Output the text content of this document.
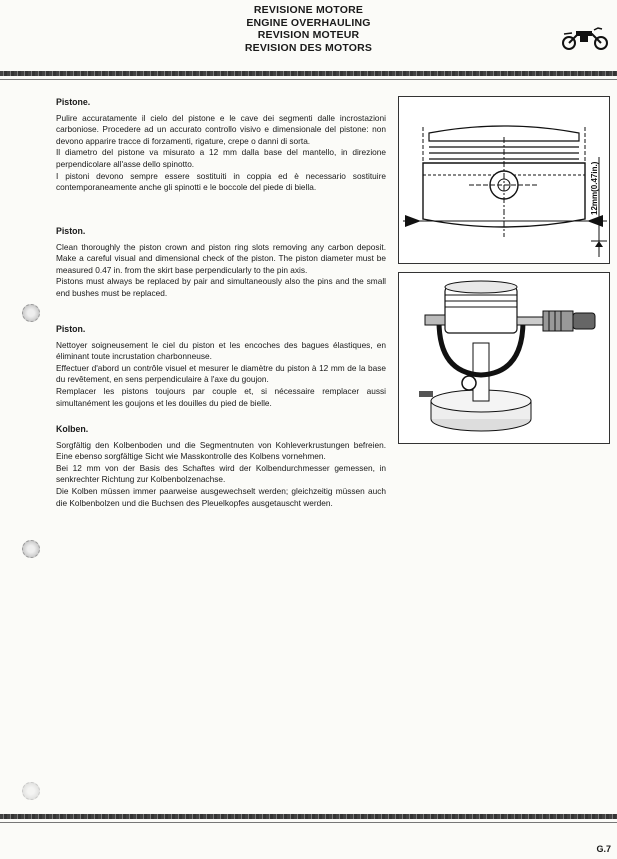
REVISIONE MOTORE
ENGINE OVERHAULING
REVISION MOTEUR
REVISION DES MOTORS
Pistone.

Pulire accuratamente il cielo del pistone e le cave dei segmenti dalle incrostazioni carboniose. Procedere ad un accurato controllo visivo e dimensionale del pistone: non devono apparire tracce di forzamenti, rigature, crepe o danni di sorta.
Il diametro del pistone va misurato a 12 mm dalla base del mantello, in direzione perpendicolare all'asse dello spinotto.
I pistoni devono sempre essere sostituiti in coppia ed è necessario sostituire contemporaneamente anche gli spinotti e le boccole del piede di biella.

Piston.

Clean thoroughly the piston crown and piston ring slots removing any carbon deposit. Make a careful visual and dimensional check of the piston. The piston diameter must be measured 0.47 in. from the skirt base perpendicularly to the pin axis.
Pistons must always be replaced by pair and simultaneously also the pins and the small end bushes must be replaced.

Piston.

Nettoyer soigneusement le ciel du piston et les encoches des bagues élastiques, en éliminant toute incrustation charbonneuse.
Effectuer d'abord un contrôle visuel et mesurer le diamètre du piston à 12 mm de la base du revêtement, en sens perpendiculaire à l'axe du goujon.
Remplacer les pistons toujours par couple et, si nécessaire remplacer aussi simultanément les goujons et les douilles du pied de bielle.

Kolben.

Sorgfältig den Kolbenboden und die Segmentnuten von Kohleverkrustungen befreien. Eine ebenso sorgfältige Sicht wie Masskontrolle des Kolbens vornehmen.
Bei 12 mm von der Basis des Schaftes wird der Kolbendurchmesser gemessen, in senkrechter Richtung zur Kolbenbolzenachse.
Die Kolben müssen immer paarweise ausgewechselt werden; gleichzeitig müssen auch die Kolbenbolzen und die Buchsen des Pleuelkopfes ausgetauscht werden.

12mm(0.47in.)
G.7
